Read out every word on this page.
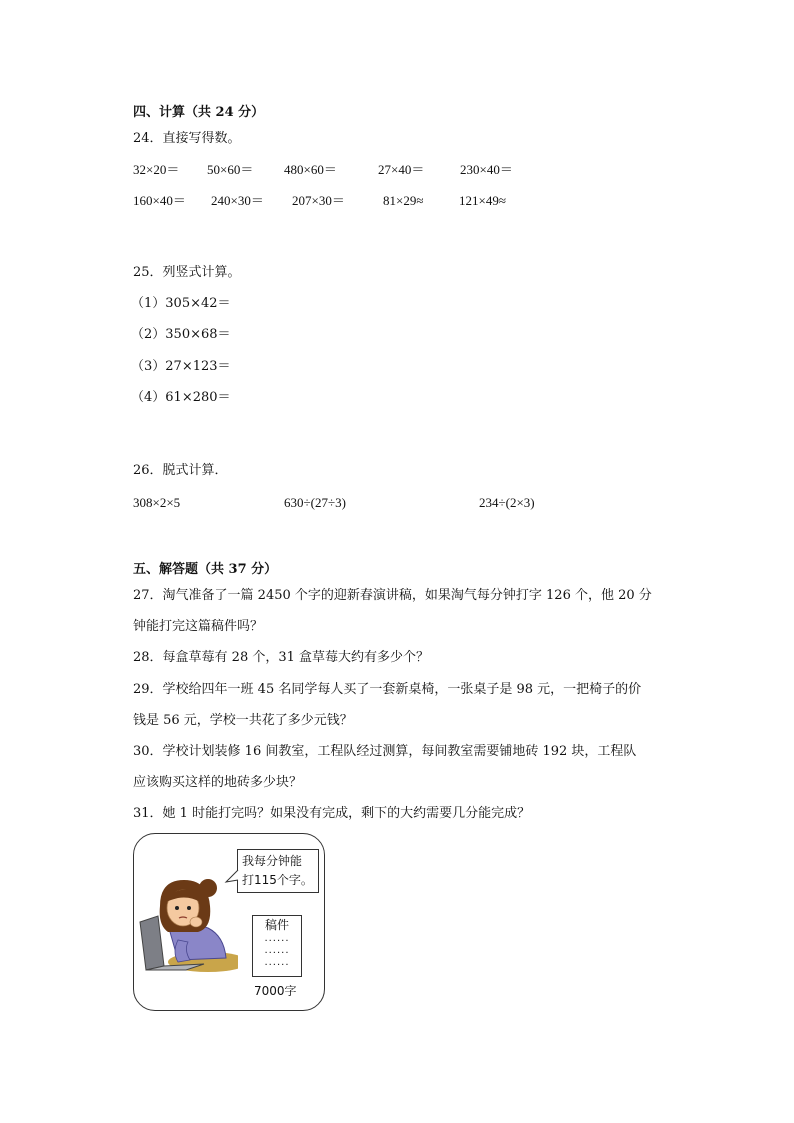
四、计算（共 24 分）
24．直接写得数。
32×20＝ 50×60＝ 480×60＝	27×40＝	230×40＝
160×40＝ 240×30＝ 207×30＝	81×29≈	121×49≈
25．列竖式计算。
（1）305×42＝
（2）350×68＝
（3）27×123＝
（4）61×280＝
26．脱式计算．
308×2×5	630÷(27÷3)	234÷(2×3)
五、解答题（共 37 分）
27．淘气准备了一篇 2450 个字的迎新春演讲稿，如果淘气每分钟打字 126 个，他 20 分
钟能打完这篇稿件吗？
28．每盒草莓有 28 个，31 盒草莓大约有多少个？
29．学校给四年一班 45 名同学每人买了一套新桌椅，一张桌子是 98 元，一把椅子的价
钱是 56 元，学校一共花了多少元钱？
30．学校计划装修 16 间教室，工程队经过测算，每间教室需要铺地砖 192 块，工程队
应该购买这样的地砖多少块？
31．她 1 时能打完吗？如果没有完成，剩下的大约需要几分能完成？
我每分钟能
打115个字。
稿件
······
······
······
7000字
